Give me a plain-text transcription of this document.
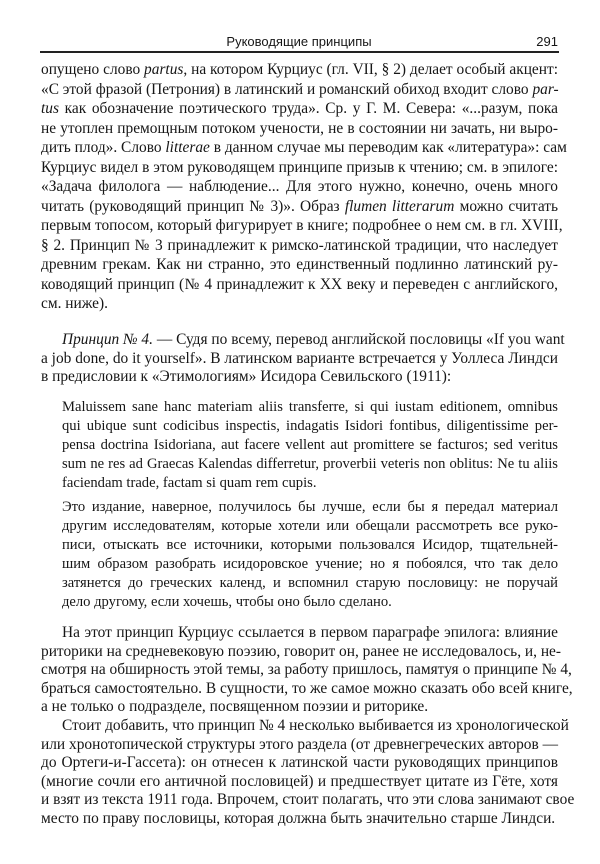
Руководящие принципы	291
опущено слово partus, на котором Курциус (гл. VII, § 2) делает особый акцент:
«С этой фразой (Петрония) в латинский и романский обиход входит слово par-
tus как обозначение поэтического труда». Ср. у Г. М. Севера: «...разум, пока
не утоплен премощным потоком учености, не в состоянии ни зачать, ни выро-
дить плод». Слово litterae в данном случае мы переводим как «литература»: сам
Курциус видел в этом руководящем принципе призыв к чтению; см. в эпилоге:
«Задача филолога — наблюдение... Для этого нужно, конечно, очень много
читать (руководящий принцип № 3)». Образ flumen litterarum можно считать
первым топосом, который фигурирует в книге; подробнее о нем см. в гл. XVIII,
§ 2. Принцип № 3 принадлежит к римско-латинской традиции, что наследует
древним грекам. Как ни странно, это единственный подлинно латинский ру-
ководящий принцип (№ 4 принадлежит к XX веку и переведен с английского,
см. ниже).
Принцип № 4. — Судя по всему, перевод английской пословицы «If you want
a job done, do it yourself». В латинском варианте встречается у Уоллеса Линдси
в предисловии к «Этимологиям» Исидора Севильского (1911):
Maluissem sane hanc materiam aliis transferre, si qui iustam editionem, omnibus
qui ubique sunt codicibus inspectis, indagatis Isidori fontibus, diligentissime per-
pensa doctrina Isidoriana, aut facere vellent aut promittere se facturos; sed veritus
sum ne res ad Graecas Kalendas differretur, proverbii veteris non oblitus: Ne tu aliis
faciendam trade, factam si quam rem cupis.
Это издание, наверное, получилось бы лучше, если бы я передал материал
другим исследователям, которые хотели или обещали рассмотреть все руко-
писи, отыскать все источники, которыми пользовался Исидор, тщательней-
шим образом разобрать исидоровское учение; но я побоялся, что так дело
затянется до греческих календ, и вспомнил старую пословицу: не поручай
дело другому, если хочешь, чтобы оно было сделано.
На этот принцип Курциус ссылается в первом параграфе эпилога: влияние
риторики на средневековую поэзию, говорит он, ранее не исследовалось, и, не-
смотря на обширность этой темы, за работу пришлось, памятуя о принципе № 4,
браться самостоятельно. В сущности, то же самое можно сказать обо всей книге,
а не только о подразделе, посвященном поэзии и риторике.
Стоит добавить, что принцип № 4 несколько выбивается из хронологической
или хронотопической структуры этого раздела (от древнегреческих авторов —
до Ортеги-и-Гассета): он отнесен к латинской части руководящих принципов
(многие сочли его античной пословицей) и предшествует цитате из Гёте, хотя
и взят из текста 1911 года. Впрочем, стоит полагать, что эти слова занимают свое
место по праву пословицы, которая должна быть значительно старше Линдси.
